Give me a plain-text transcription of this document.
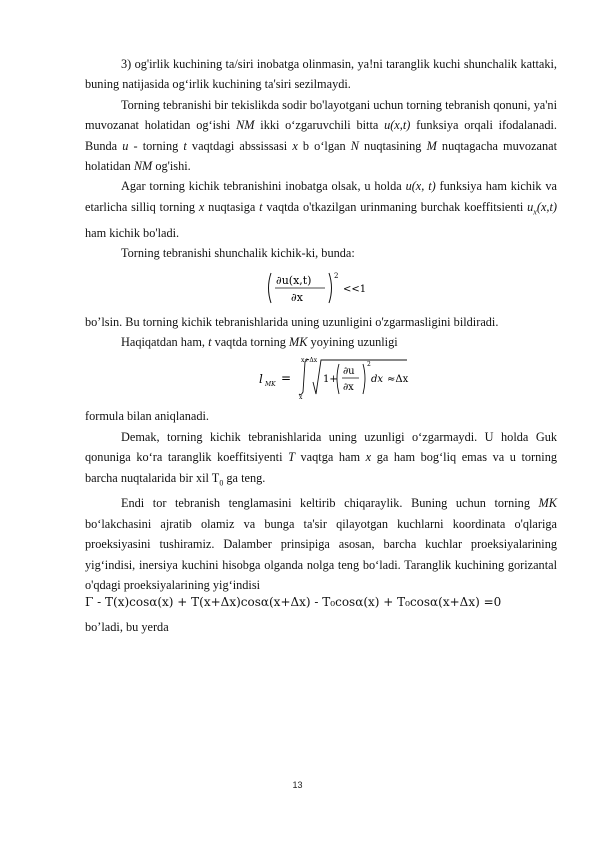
3) og'irlik kuchining ta/siri inobatga olinmasin, ya!ni taranglik kuchi shunchalik kattaki, buning natijasida og‘irlik kuchining ta'siri sezilmaydi.

Torning tebranishi bir tekislikda sodir bo'layotgani uchun torning tebranish qonuni, ya'ni muvozanat holatidan og‘ishi NM ikki o‘zgaruvchili bitta u(x,t) funksiya orqali ifodalanadi. Bunda u - torning t vaqtdagi abssissasi x b o‘lgan N nuqtasining M nuqtagacha muvozanat holatidan NM og'ishi.

Agar torning kichik tebranishini inobatga olsak, u holda u(x, t) funksiya ham kichik va etarlicha silliq torning x nuqtasiga t vaqtda o'tkazilgan urinmaning burchak koeffitsienti $u_x(x,t)$ ham kichik bo'ladi.

Torning tebranishi shunchalik kichik-ki, bunda:

∂u(x,t)
∂x
2
<<1

bo’lsin. Bu torning kichik tebranishlarida uning uzunligini o'zgarmasligini bildiradi.

Haqiqatdan ham, t vaqtda torning MK yoyining uzunligi

l MK =
x+Δx
x
1+
∂u
∂x
2
dx ≈Δx

formula bilan aniqlanadi.

Demak, torning kichik tebranishlarida uning uzunligi o‘zgarmaydi. U holda Guk qonuniga ko‘ra taranglik koeffitsiyenti T vaqtga ham x ga ham bog‘liq emas va u torning barcha nuqtalarida bir xil $T_0$ ga teng.

Endi tor tebranish tenglamasini keltirib chiqaraylik. Buning uchun torning MK bo‘lakchasini ajratib olamiz va bunga ta'sir qilayotgan kuchlarni koordinata o'qlariga proeksiyasini tushiramiz. Dalamber prinsipiga asosan, barcha kuchlar proeksiyalarining yig‘indisi, inersiya kuchini hisobga olganda nolga teng bo‘ladi. Taranglik kuchining gorizantal o'qdagi proeksiyalarining yig‘indisi

Γ - T(x)cosα(x) + T(x+Δx)cosα(x+Δx) - T₀cosα(x) + T₀cosα(x+Δx) =0

bo’ladi, bu yerda

13
